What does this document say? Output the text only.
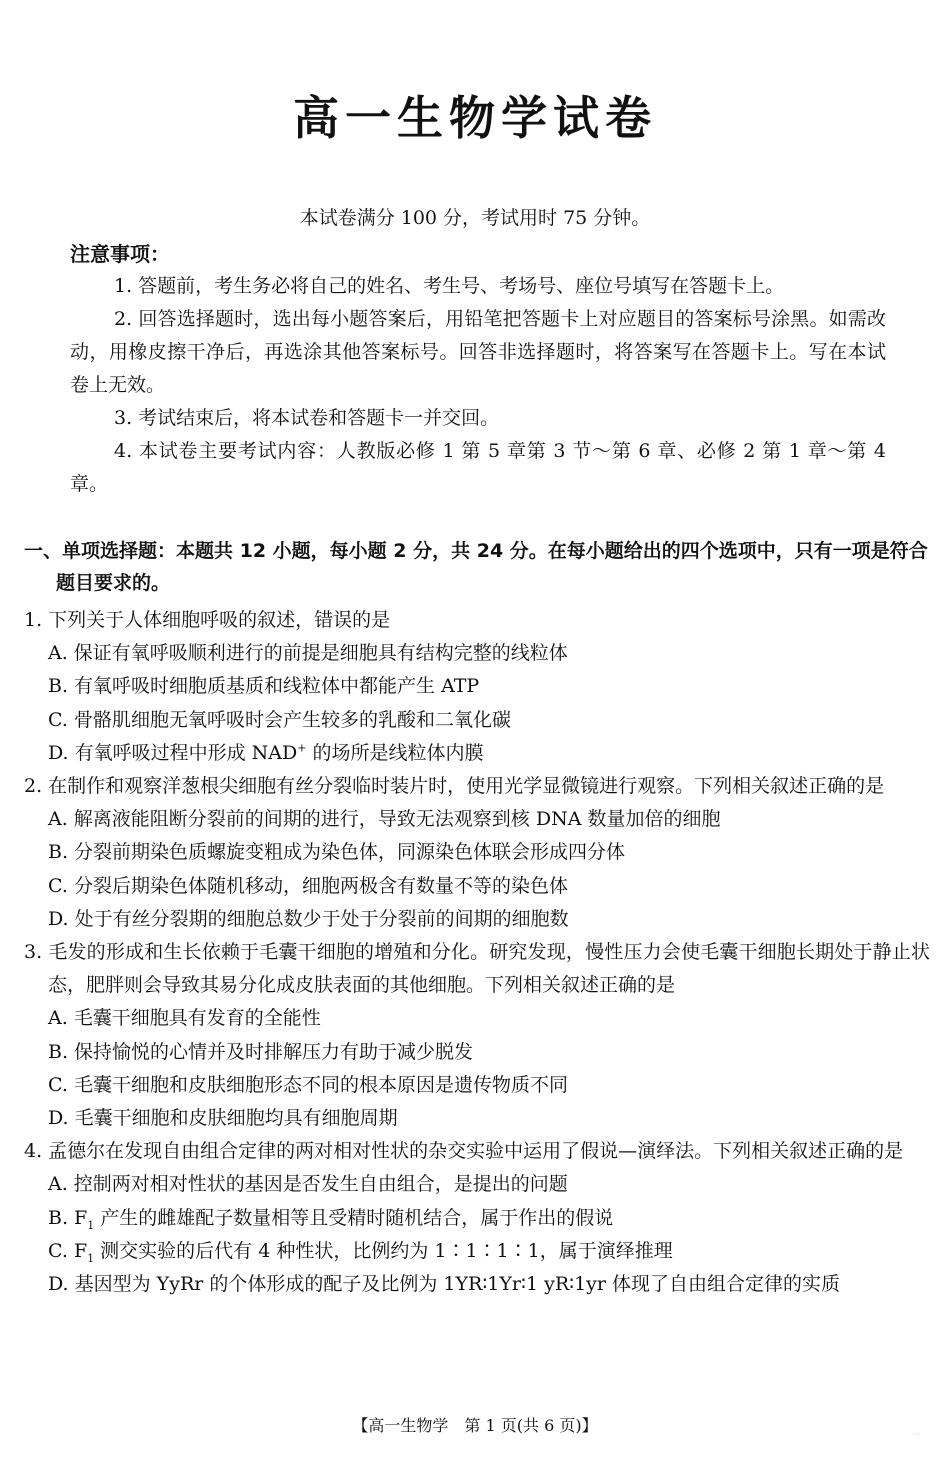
高一生物学试卷
本试卷满分 100 分，考试用时 75 分钟。
注意事项：

1. 答题前，考生务必将自己的姓名、考生号、考场号、座位号填写在答题卡上。

2. 回答选择题时，选出每小题答案后，用铅笔把答题卡上对应题目的答案标号涂黑。如需改动，用橡皮擦干净后，再选涂其他答案标号。回答非选择题时，将答案写在答题卡上。写在本试卷上无效。

3. 考试结束后，将本试卷和答题卡一并交回。

4. 本试卷主要考试内容：人教版必修 1 第 5 章第 3 节～第 6 章、必修 2 第 1 章～第 4 章。

一、单项选择题：本题共 12 小题，每小题 2 分，共 24 分。在每小题给出的四个选项中，只有一项是符合题目要求的。

1. 下列关于人体细胞呼吸的叙述，错误的是

A. 保证有氧呼吸顺利进行的前提是细胞具有结构完整的线粒体

B. 有氧呼吸时细胞质基质和线粒体中都能产生 ATP

C. 骨骼肌细胞无氧呼吸时会产生较多的乳酸和二氧化碳

D. 有氧呼吸过程中形成 NAD+ 的场所是线粒体内膜

2. 在制作和观察洋葱根尖细胞有丝分裂临时装片时，使用光学显微镜进行观察。下列相关叙述正确的是

A. 解离液能阻断分裂前的间期的进行，导致无法观察到核 DNA 数量加倍的细胞

B. 分裂前期染色质螺旋变粗成为染色体，同源染色体联会形成四分体

C. 分裂后期染色体随机移动，细胞两极含有数量不等的染色体

D. 处于有丝分裂期的细胞总数少于处于分裂前的间期的细胞数

3. 毛发的形成和生长依赖于毛囊干细胞的增殖和分化。研究发现，慢性压力会使毛囊干细胞长期处于静止状态，肥胖则会导致其易分化成皮肤表面的其他细胞。下列相关叙述正确的是

A. 毛囊干细胞具有发育的全能性

B. 保持愉悦的心情并及时排解压力有助于减少脱发

C. 毛囊干细胞和皮肤细胞形态不同的根本原因是遗传物质不同

D. 毛囊干细胞和皮肤细胞均具有细胞周期

4. 孟德尔在发现自由组合定律的两对相对性状的杂交实验中运用了假说—演绎法。下列相关叙述正确的是

A. 控制两对相对性状的基因是否发生自由组合，是提出的问题

B. $F_1$ 产生的雌雄配子数量相等且受精时随机结合，属于作出的假说

C. $F_1$ 测交实验的后代有 4 种性状，比例约为 1∶1∶1∶1，属于演绎推理

D. 基因型为 YyRr 的个体形成的配子及比例为 1YR∶1Yr∶1 yR∶1yr 体现了自由组合定律的实质

【高一生物学　第 1 页(共 6 页)】	··
